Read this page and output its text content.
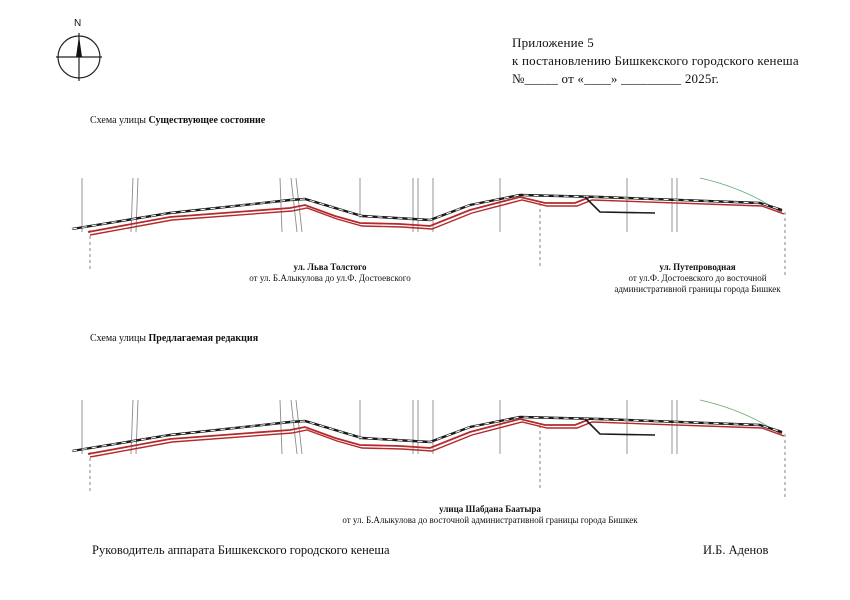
N
Приложение 5
к постановлению Бишкекского городского кенеша
№_____ от «____» _________ 2025г.
Схема улицы Существующее состояние
Схема улицы Предлагаемая редакция
ул. Льва Толстого
от ул. Б.Алыкулова до ул.Ф. Достоевского
ул. Путепроводная
от ул.Ф. Достоевского до восточной
административной границы города Бишкек
улица Шабдана Баатыра
от ул. Б.Алыкулова до восточной административной границы города Бишкек
Руководитель аппарата Бишкекского городского кенеша	И.Б. Аденов
